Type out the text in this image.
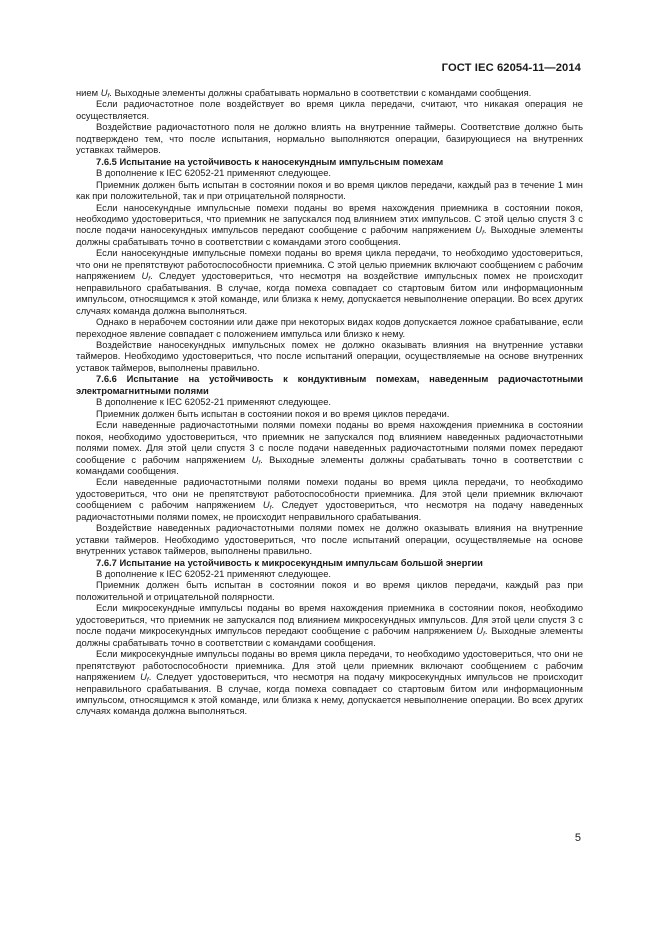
ГОСТ IEC 62054-11—2014

нием $U_f$. Выходные элементы должны срабатывать нормально в соответствии с командами сообщения.

Если радиочастотное поле воздействует во время цикла передачи, считают, что никакая операция не осуществляется.

Воздействие радиочастотного поля не должно влиять на внутренние таймеры. Соответствие должно быть подтверждено тем, что после испытания, нормально выполняются операции, базирующиеся на внутренних уставках таймеров.

7.6.5 Испытание на устойчивость к наносекундным импульсным помехам

В дополнение к IEC 62052-21 применяют следующее.

Приемник должен быть испытан в состоянии покоя и во время циклов передачи, каждый раз в течение 1 мин как при положительной, так и при отрицательной полярности.

Если наносекундные импульсные помехи поданы во время нахождения приемника в состоянии покоя, необходимо удостовериться, что приемник не запускался под влиянием этих импульсов. С этой целью спустя 3 с после подачи наносекундных импульсов передают сообщение с рабочим напряжением $U_f$. Выходные элементы должны срабатывать точно в соответствии с командами этого сообщения.

Если наносекундные импульсные помехи поданы во время цикла передачи, то необходимо удостовериться, что они не препятствуют работоспособности приемника. С этой целью приемник включают сообщением с рабочим напряжением $U_f$. Следует удостовериться, что несмотря на воздействие импульсных помех не происходит неправильного срабатывания. В случае, когда помеха совпадает со стартовым битом или информационным импульсом, относящимся к этой команде, или близка к нему, допускается невыполнение операции. Во всех других случаях команда должна выполняться.

Однако в нерабочем состоянии или даже при некоторых видах кодов допускается ложное срабатывание, если переходное явление совпадает с положением импульса или близко к нему.

Воздействие наносекундных импульсных помех не должно оказывать влияния на внутренние уставки таймеров. Необходимо удостовериться, что после испытаний операции, осуществляемые на основе внутренних уставок таймеров, выполнены правильно.

7.6.6 Испытание на устойчивость к кондуктивным помехам, наведенным радиочастотными электромагнитными полями

В дополнение к IEC 62052-21 применяют следующее.

Приемник должен быть испытан в состоянии покоя и во время циклов передачи.

Если наведенные радиочастотными полями помехи поданы во время нахождения приемника в состоянии покоя, необходимо удостовериться, что приемник не запускался под влиянием наведенных радиочастотными полями помех. Для этой цели спустя 3 с после подачи наведенных радиочастотными полями помех передают сообщение с рабочим напряжением $U_f$. Выходные элементы должны срабатывать точно в соответствии с командами сообщения.

Если наведенные радиочастотными полями помехи поданы во время цикла передачи, то необходимо удостовериться, что они не препятствуют работоспособности приемника. Для этой цели приемник включают сообщением с рабочим напряжением $U_f$. Следует удостовериться, что несмотря на подачу наведенных радиочастотными полями помех, не происходит неправильного срабатывания.

Воздействие наведенных радиочастотными полями помех не должно оказывать влияния на внутренние уставки таймеров. Необходимо удостовериться, что после испытаний операции, осуществляемые на основе внутренних уставок таймеров, выполнены правильно.

7.6.7 Испытание на устойчивость к микросекундным импульсам большой энергии

В дополнение к IEC 62052-21 применяют следующее.

Приемник должен быть испытан в состоянии покоя и во время циклов передачи, каждый раз при положительной и отрицательной полярности.

Если микросекундные импульсы поданы во время нахождения приемника в состоянии покоя, необходимо удостовериться, что приемник не запускался под влиянием микросекундных импульсов. Для этой цели спустя 3 с после подачи микросекундных импульсов передают сообщение с рабочим напряжением $U_f$. Выходные элементы должны срабатывать точно в соответствии с командами сообщения.

Если микросекундные импульсы поданы во время цикла передачи, то необходимо удостовериться, что они не препятствуют работоспособности приемника. Для этой цели приемник включают сообщением с рабочим напряжением $U_f$. Следует удостовериться, что несмотря на подачу микросекундных импульсов не происходит неправильного срабатывания. В случае, когда помеха совпадает со стартовым битом или информационным импульсом, относящимся к этой команде, или близка к нему, допускается невыполнение операции. Во всех других случаях команда должна выполняться.

5
